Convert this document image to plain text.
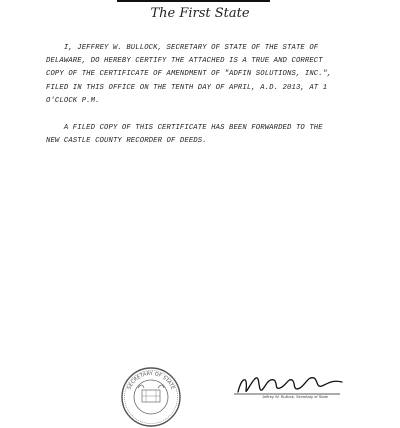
The First State
I, JEFFREY W. BULLOCK, SECRETARY OF STATE OF THE STATE OF
DELAWARE, DO HEREBY CERTIFY THE ATTACHED IS A TRUE AND CORRECT
COPY OF THE CERTIFICATE OF AMENDMENT OF "ADFIN SOLUTIONS, INC.",
FILED IN THIS OFFICE ON THE TENTH DAY OF APRIL, A.D. 2013, AT 1
O'CLOCK P.M.
A FILED COPY OF THIS CERTIFICATE HAS BEEN FORWARDED TO THE
NEW CASTLE COUNTY RECORDER OF DEEDS.
SECRETARY OF STATE
Jeffrey W. Bullock, Secretary of State
